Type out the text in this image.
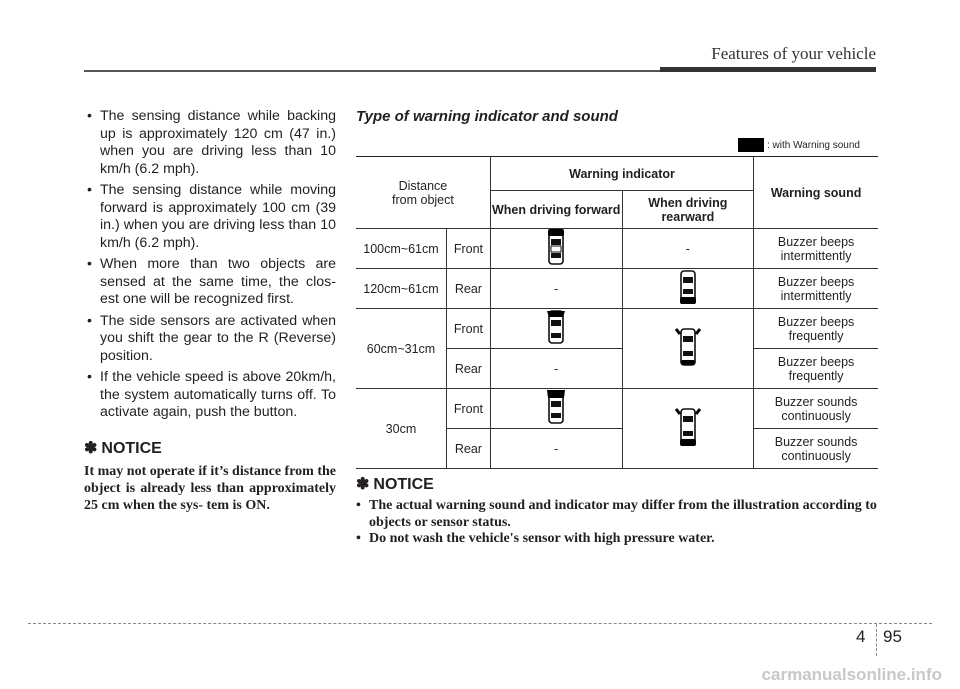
Features of your vehicle
• The sensing distance while backing up is approximately 120 cm (47 in.) when you are driving less than 10 km/h (6.2 mph).
• The sensing distance while moving forward is approximately 100 cm (39 in.) when you are driving less than 10 km/h (6.2 mph).
• When more than two objects are sensed at the same time, the clos- est one will be recognized first.
• The side sensors are activated when you shift the gear to the R (Reverse) position.
• If the vehicle speed is above 20km/h, the system automatically turns off. To activate again, push the button.
✽ NOTICE
It may not operate if it’s distance from the object is already less than approximately 25 cm when the sys- tem is ON.
Type of warning indicator and sound
: with Warning sound
Distance
from object		Warning indicator		Warning sound
		When driving forward	When driving rearward	
100cm~61cm	Front		-	Buzzer beeps intermittently
120cm~61cm	Rear	-		Buzzer beeps intermittently
60cm~31cm	Front			Buzzer beeps frequently
	Rear	-		Buzzer beeps frequently
30cm	Front			Buzzer sounds continuously
	Rear	-		Buzzer sounds continuously
✽ NOTICE
• The actual warning sound and indicator may differ from the illustration according to objects or sensor status.
• Do not wash the vehicle's sensor with high pressure water.
4 95
carmanualsonline.info
